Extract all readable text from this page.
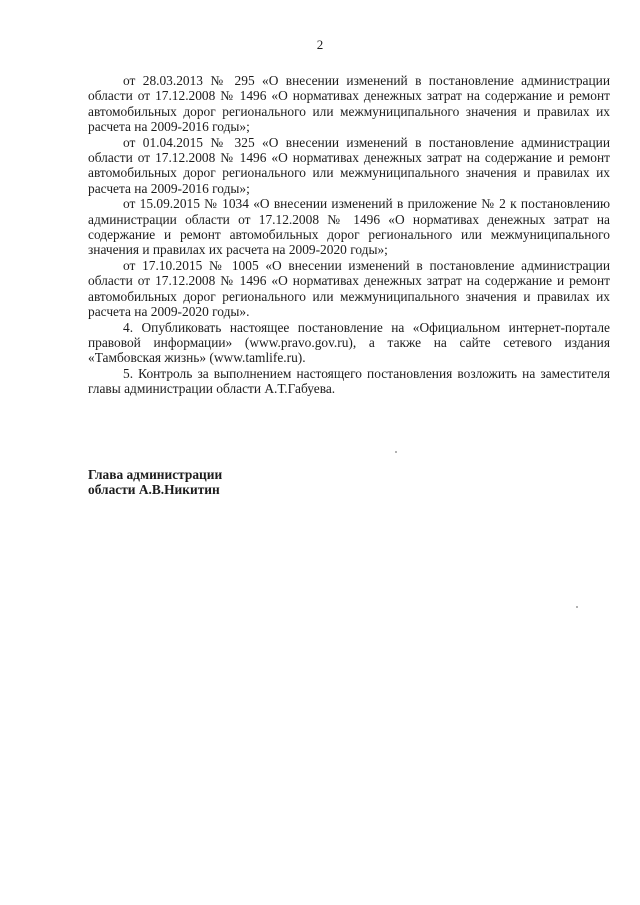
2

от 28.03.2013 № 295 «О внесении изменений в постановление администрации области от 17.12.2008 № 1496 «О нормативах денежных затрат на содержание и ремонт автомобильных дорог регионального или межмуниципального значения и правилах их расчета на 2009-2016 годы»;

от 01.04.2015 № 325 «О внесении изменений в постановление администрации области от 17.12.2008 № 1496 «О нормативах денежных затрат на содержание и ремонт автомобильных дорог регионального или межмуниципального значения и правилах их расчета на 2009-2016 годы»;

от 15.09.2015 № 1034 «О внесении изменений в приложение № 2 к постановлению администрации области от 17.12.2008 № 1496 «О нормативах денежных затрат на содержание и ремонт автомобильных дорог регионального или межмуниципального значения и правилах их расчета на 2009-2020 годы»;

от 17.10.2015 № 1005 «О внесении изменений в постановление администрации области от 17.12.2008 № 1496 «О нормативах денежных затрат на содержание и ремонт автомобильных дорог регионального или межмуниципального значения и правилах их расчета на 2009-2020 годы».

4. Опубликовать настоящее постановление на «Официальном интернет-портале правовой информации» (www.pravo.gov.ru), а также на сайте сетевого издания «Тамбовская жизнь» (www.tamlife.ru).

5. Контроль за выполнением настоящего постановления возложить на заместителя главы администрации области А.Т.Габуева.

Глава администрации
области А.В.Никитин
